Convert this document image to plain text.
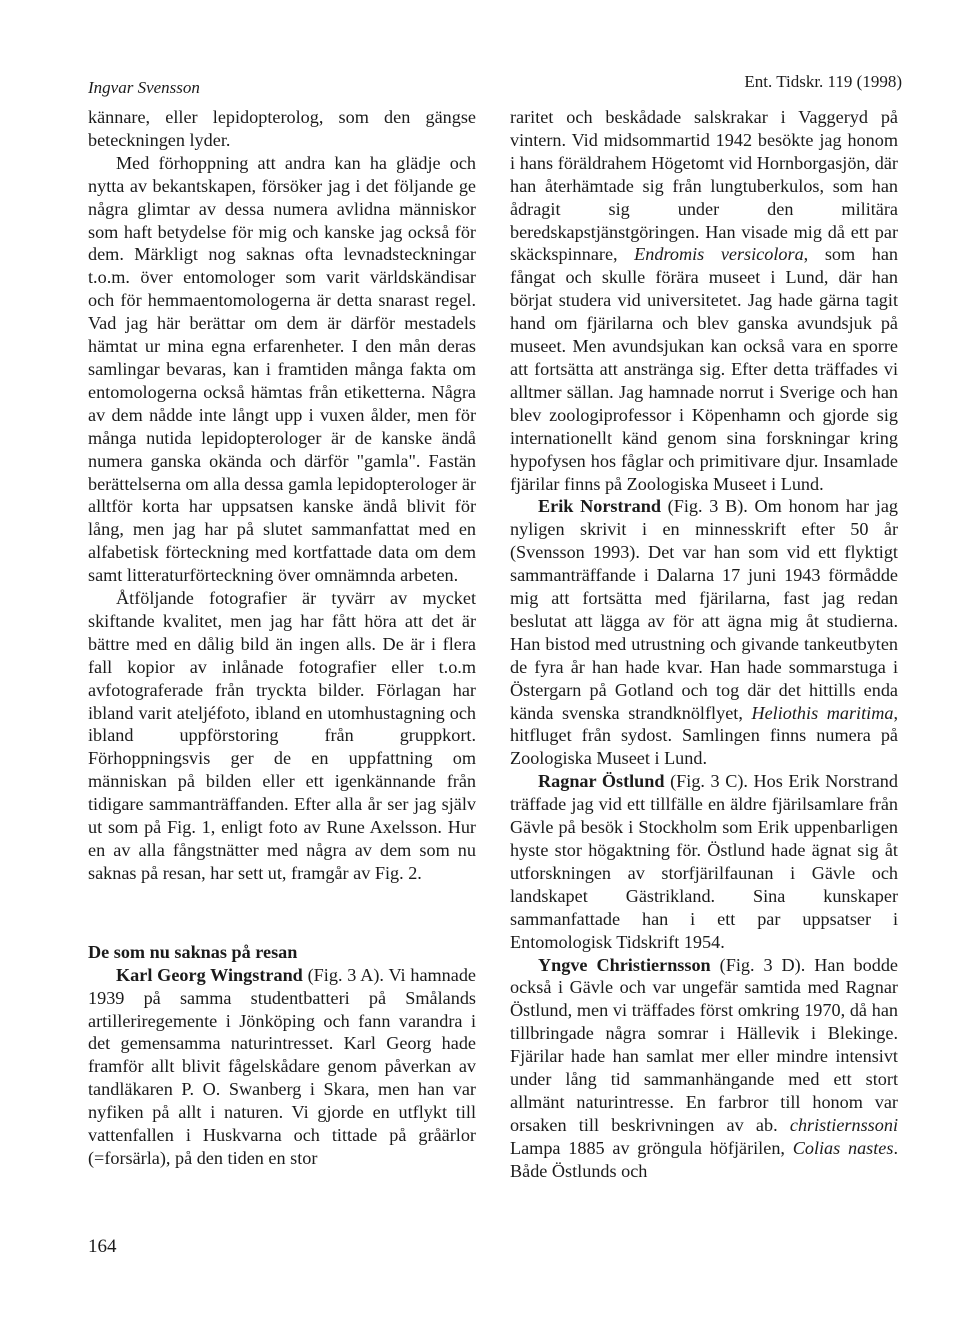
Ingvar Svensson	Ent. Tidskr. 119 (1998)

kännare, eller lepidopterolog, som den gängse beteckningen lyder.

Med förhoppning att andra kan ha glädje och nytta av bekantskapen, försöker jag i det följande ge några glimtar av dessa numera avlidna människor som haft betydelse för mig och kanske jag också för dem. Märkligt nog saknas ofta levnadsteckningar t.o.m. över entomologer som varit världskändisar och för hemmaentomologerna är detta snarast regel. Vad jag här berättar om dem är därför mestadels hämtat ur mina egna erfarenheter. I den mån deras samlingar bevaras, kan i framtiden många fakta om entomologerna också hämtas från etiketterna. Några av dem nådde inte långt upp i vuxen ålder, men för många nutida lepidopterologer är de kanske ändå numera ganska okända och därför "gamla". Fastän berättelserna om alla dessa gamla lepidopterologer är alltför korta har uppsatsen kanske ändå blivit för lång, men jag har på slutet sammanfattat med en alfabetisk förteckning med kortfattade data om dem samt litteraturförteckning över omnämnda arbeten.

Åtföljande fotografier är tyvärr av mycket skiftande kvalitet, men jag har fått höra att det är bättre med en dålig bild än ingen alls. De är i flera fall kopior av inlånade fotografier eller t.o.m avfotograferade från tryckta bilder. Förlagan har ibland varit ateljéfoto, ibland en utomhustagning och ibland uppförstoring från gruppkort. Förhoppningsvis ger de en uppfattning om människan på bilden eller ett igenkännande från tidigare sammanträffanden. Efter alla år ser jag själv ut som på Fig. 1, enligt foto av Rune Axelsson. Hur en av alla fångstnätter med några av dem som nu saknas på resan, har sett ut, framgår av Fig. 2.

De som nu saknas på resan

Karl Georg Wingstrand (Fig. 3 A). Vi hamnade 1939 på samma studentbatteri på Smålands artilleriregemente i Jönköping och fann varandra i det gemensamma naturintresset. Karl Georg hade framför allt blivit fågelskådare genom påverkan av tandläkaren P. O. Swanberg i Skara, men han var nyfiken på allt i naturen. Vi gjorde en utflykt till vattenfallen i Huskvarna och tittade på gråärlor (=forsärla), på den tiden en stor

raritet och beskådade salskrakar i Vaggeryd på vintern. Vid midsommartid 1942 besökte jag honom i hans föräldrahem Högetomt vid Hornborgasjön, där han återhämtade sig från lungtuberkulos, som han ådragit sig under den militära beredskapstjänstgöringen. Han visade mig då ett par skäckspinnare, Endromis versicolora, som han fångat och skulle förära museet i Lund, där han börjat studera vid universitetet. Jag hade gärna tagit hand om fjärilarna och blev ganska avundsjuk på museet. Men avundsjukan kan också vara en sporre att fortsätta att anstränga sig. Efter detta träffades vi alltmer sällan. Jag hamnade norrut i Sverige och han blev zoologiprofessor i Köpenhamn och gjorde sig internationellt känd genom sina forskningar kring hypofysen hos fåglar och primitivare djur. Insamlade fjärilar finns på Zoologiska Museet i Lund.

Erik Norstrand (Fig. 3 B). Om honom har jag nyligen skrivit i en minnesskrift efter 50 år (Svensson 1993). Det var han som vid ett flyktigt sammanträffande i Dalarna 17 juni 1943 förmådde mig att fortsätta med fjärilarna, fast jag redan beslutat att lägga av för att ägna mig åt studierna. Han bistod med utrustning och givande tankeutbyten de fyra år han hade kvar. Han hade sommarstuga i Östergarn på Gotland och tog där det hittills enda kända svenska strandknölflyet, Heliothis maritima, hitfluget från sydost. Samlingen finns numera på Zoologiska Museet i Lund.

Ragnar Östlund (Fig. 3 C). Hos Erik Norstrand träffade jag vid ett tillfälle en äldre fjärilsamlare från Gävle på besök i Stockholm som Erik uppenbarligen hyste stor högaktning för. Östlund hade ägnat sig åt utforskningen av storfjärilfaunan i Gävle och landskapet Gästrikland. Sina kunskaper sammanfattade han i ett par uppsatser i Entomologisk Tidskrift 1954.

Yngve Christiernsson (Fig. 3 D). Han bodde också i Gävle och var ungefär samtida med Ragnar Östlund, men vi träffades först omkring 1970, då han tillbringade några somrar i Hällevik i Blekinge. Fjärilar hade han samlat mer eller mindre intensivt under lång tid sammanhängande med ett stort allmänt naturintresse. En farbror till honom var orsaken till beskrivningen av ab. christiernssoni Lampa 1885 av gröngula höfjärilen, Colias nastes. Både Östlunds och

164
